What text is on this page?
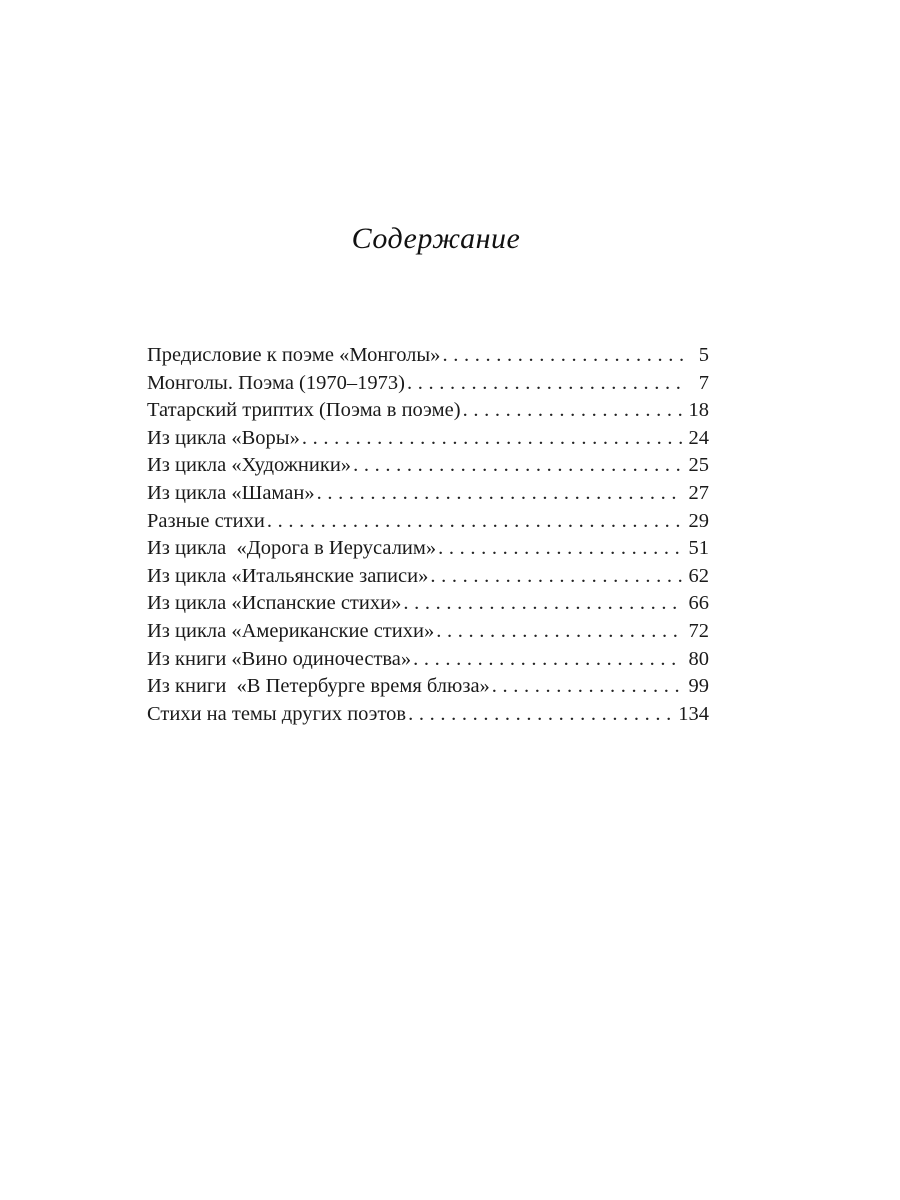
Содержание
Предисловие к поэме «Монголы» . . .	5
Монголы. Поэма (1970–1973) . . .	7
Татарский триптих (Поэма в поэме) . . .	18
Из цикла «Воры» . . .	24
Из цикла «Художники» . . .	25
Из цикла «Шаман» . . .	27
Разные стихи . . .	29
Из цикла  «Дорога в Иерусалим» . . .	51
Из цикла «Итальянские записи» . . .	62
Из цикла «Испанские стихи» . . .	66
Из цикла «Американские стихи» . . .	72
Из книги «Вино одиночества» . . .	80
Из книги  «В Петербурге время блюза» . . .	99
Стихи на темы других поэтов . . .	134
